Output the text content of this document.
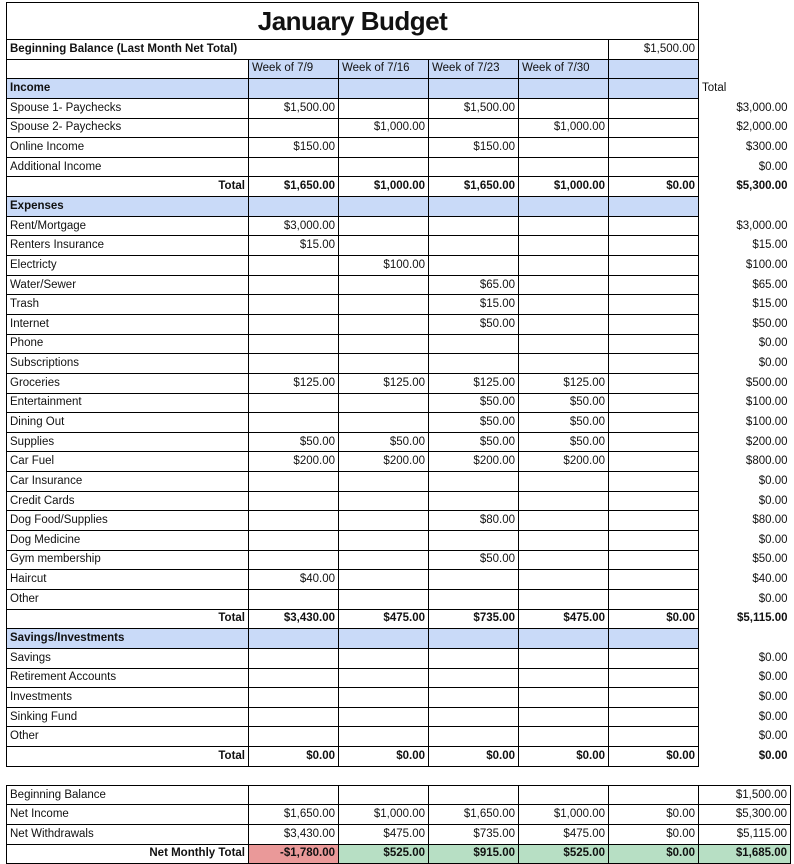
January Budget						
Beginning Balance (Last Month Net Total)					$1,500.00	
	Week of 7/9	Week of 7/16	Week of 7/23	Week of 7/30		
Income						Total
Spouse 1- Paychecks	$1,500.00		$1,500.00			$3,000.00
Spouse 2- Paychecks		$1,000.00		$1,000.00		$2,000.00
Online Income	$150.00		$150.00			$300.00
Additional Income						$0.00
Total	$1,650.00	$1,000.00	$1,650.00	$1,000.00	$0.00	$5,300.00
Expenses						
Rent/Mortgage	$3,000.00					$3,000.00
Renters Insurance	$15.00					$15.00
Electricty		$100.00				$100.00
Water/Sewer			$65.00			$65.00
Trash			$15.00			$15.00
Internet			$50.00			$50.00
Phone						$0.00
Subscriptions						$0.00
Groceries	$125.00	$125.00	$125.00	$125.00		$500.00
Entertainment			$50.00	$50.00		$100.00
Dining Out			$50.00	$50.00		$100.00
Supplies	$50.00	$50.00	$50.00	$50.00		$200.00
Car Fuel	$200.00	$200.00	$200.00	$200.00		$800.00
Car Insurance						$0.00
Credit Cards						$0.00
Dog Food/Supplies			$80.00			$80.00
Dog Medicine						$0.00
Gym membership			$50.00			$50.00
Haircut	$40.00					$40.00
Other						$0.00
Total	$3,430.00	$475.00	$735.00	$475.00	$0.00	$5,115.00
Savings/Investments						
Savings						$0.00
Retirement Accounts						$0.00
Investments						$0.00
Sinking Fund						$0.00
Other						$0.00
Total	$0.00	$0.00	$0.00	$0.00	$0.00	$0.00

Beginning Balance						$1,500.00
Net Income	$1,650.00	$1,000.00	$1,650.00	$1,000.00	$0.00	$5,300.00
Net Withdrawals	$3,430.00	$475.00	$735.00	$475.00	$0.00	$5,115.00
Net Monthly Total	-$1,780.00	$525.00	$915.00	$525.00	$0.00	$1,685.00
